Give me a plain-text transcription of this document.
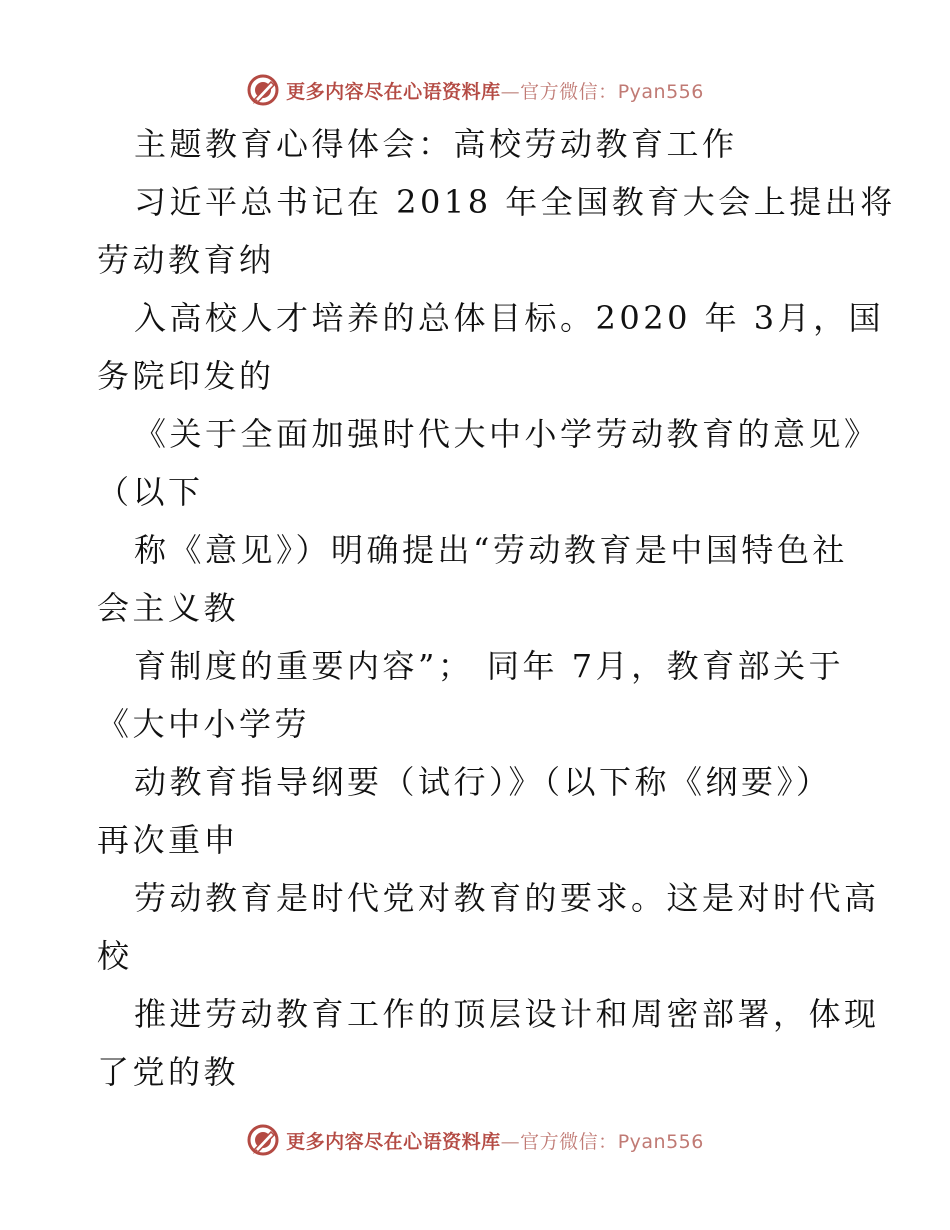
更多内容尽在心语资料库—官方微信：Pyan556
主题教育心得体会：高校劳动教育工作
习近平总书记在 2018 年全国教育大会上提出将
劳动教育纳
入高校人才培养的总体目标。2020 年 3月，国
务院印发的
《关于全面加强时代大中小学劳动教育的意见》
（以下
称《意见》）明确提出“劳动教育是中国特色社
会主义教
育制度的重要内容”； 同年 7月，教育部关于
《大中小学劳
动教育指导纲要（试行）》（以下称《纲要》）
再次重申
劳动教育是时代党对教育的要求。这是对时代高
校
推进劳动教育工作的顶层设计和周密部署，体现
了党的教
更多内容尽在心语资料库—官方微信：Pyan556
